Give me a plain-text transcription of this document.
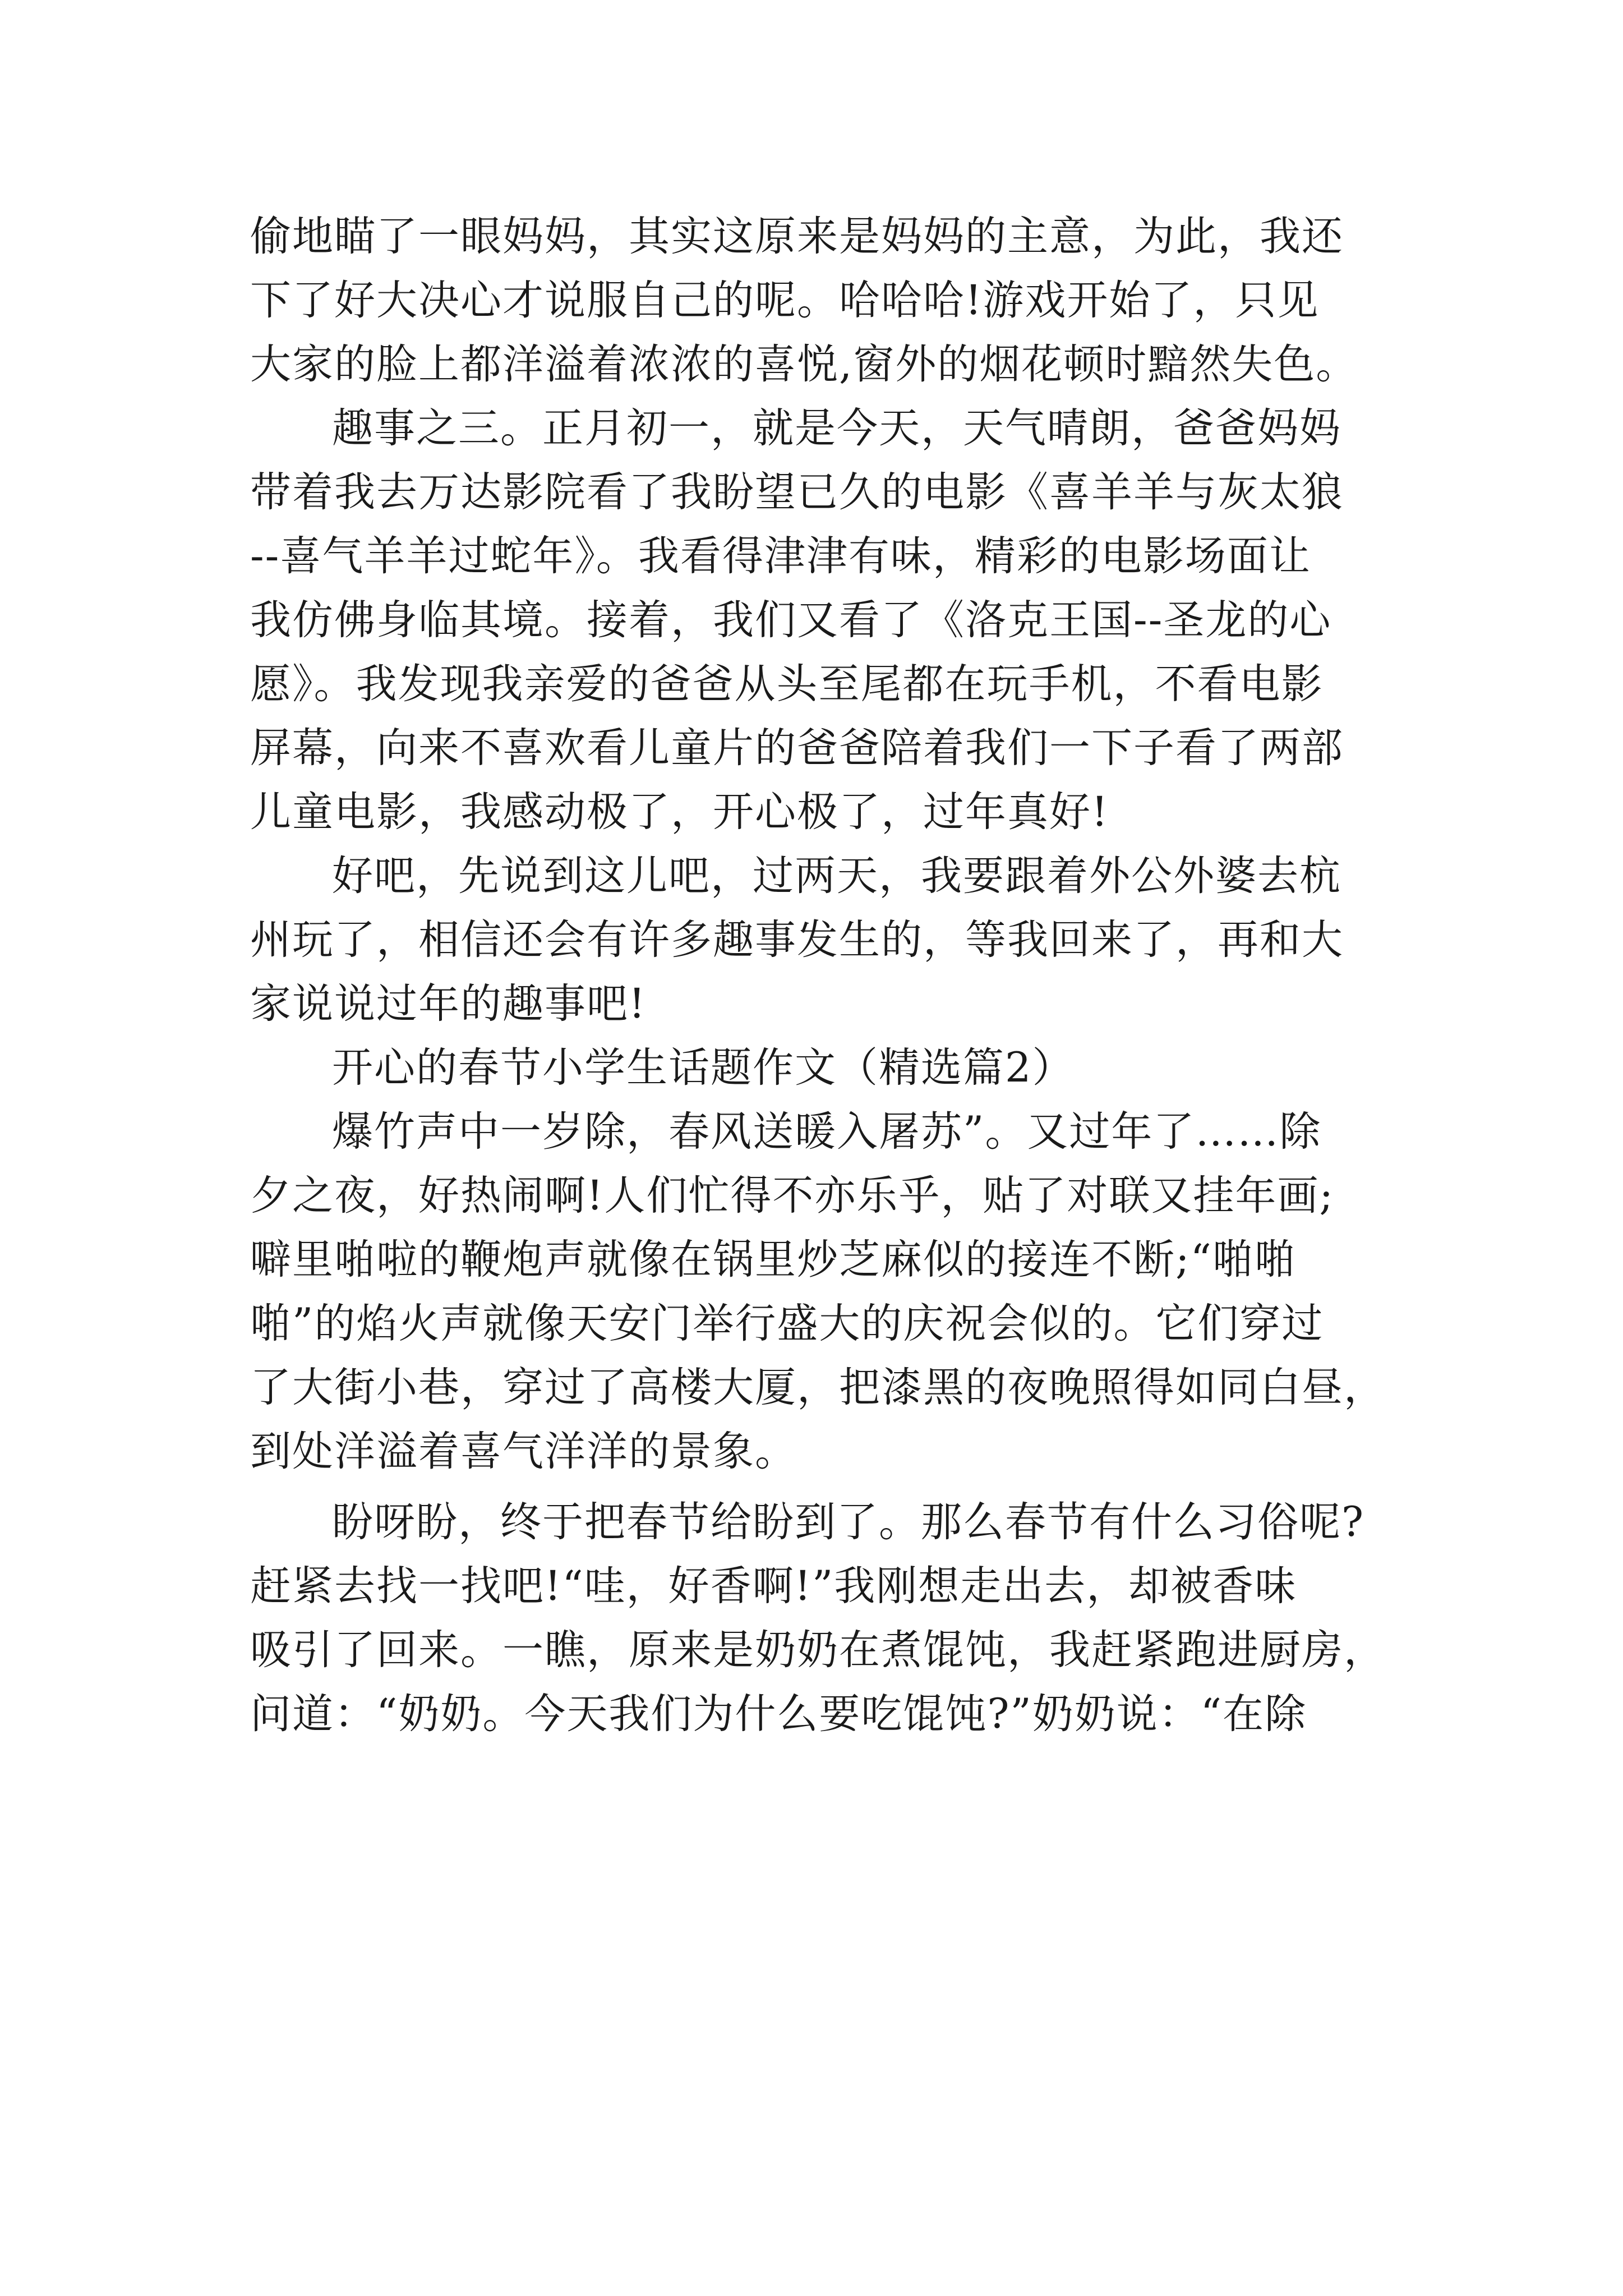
偷地瞄了一眼妈妈，其实这原来是妈妈的主意，为此，我还
下了好大决心才说服自己的呢。哈哈哈!游戏开始了，只见
大家的脸上都洋溢着浓浓的喜悦,窗外的烟花顿时黯然失色。
趣事之三。正月初一，就是今天，天气晴朗，爸爸妈妈
带着我去万达影院看了我盼望已久的电影《喜羊羊与灰太狼
--喜气羊羊过蛇年》。我看得津津有味，精彩的电影场面让
我仿佛身临其境。接着，我们又看了《洛克王国--圣龙的心
愿》。我发现我亲爱的爸爸从头至尾都在玩手机，不看电影
屏幕，向来不喜欢看儿童片的爸爸陪着我们一下子看了两部
儿童电影，我感动极了，开心极了，过年真好!
好吧，先说到这儿吧，过两天，我要跟着外公外婆去杭
州玩了，相信还会有许多趣事发生的，等我回来了，再和大
家说说过年的趣事吧!
开心的春节小学生话题作文（精选篇2）
爆竹声中一岁除，春风送暖入屠苏”。又过年了……除
夕之夜，好热闹啊!人们忙得不亦乐乎，贴了对联又挂年画;
噼里啪啦的鞭炮声就像在锅里炒芝麻似的接连不断;“啪啪
啪”的焰火声就像天安门举行盛大的庆祝会似的。它们穿过
了大街小巷，穿过了高楼大厦，把漆黑的夜晚照得如同白昼，
到处洋溢着喜气洋洋的景象。
盼呀盼，终于把春节给盼到了。那么春节有什么习俗呢?
赶紧去找一找吧!“哇，好香啊!”我刚想走出去，却被香味
吸引了回来。一瞧，原来是奶奶在煮馄饨，我赶紧跑进厨房，
问道：“奶奶。今天我们为什么要吃馄饨?”奶奶说：“在除
